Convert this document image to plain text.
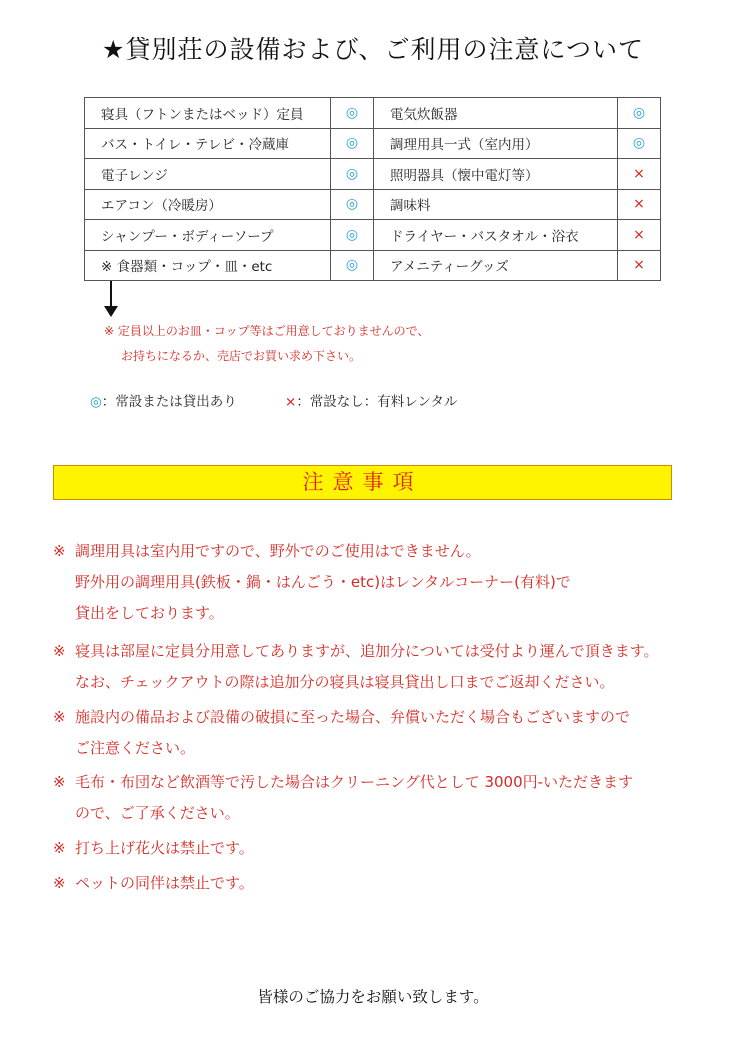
★貸別荘の設備および、ご利用の注意について
寝具（フトンまたはベッド）定員	◎	電気炊飯器	◎
バス・トイレ・テレビ・冷蔵庫	◎	調理用具一式（室内用）	◎
電子レンジ	◎	照明器具（懐中電灯等）	×
エアコン（冷暖房）	◎	調味料	×
シャンプー・ボディーソープ	◎	ドライヤー・バスタオル・浴衣	×
※ 食器類・コップ・皿・etc	◎	アメニティーグッズ	×
※ 定員以上のお皿・コップ等はご用意しておりませんので、
お持ちになるか、売店でお買い求め下さい。
◎：常設または貸出あり	×：常設なし：有料レンタル
注意事項
※ 調理用具は室内用ですので、野外でのご使用はできません。
野外用の調理用具(鉄板・鍋・はんごう・etc)はレンタルコーナー(有料)で
貸出をしております。
※ 寝具は部屋に定員分用意してありますが、追加分については受付より運んで頂きます。
なお、チェックアウトの際は追加分の寝具は寝具貸出し口までご返却ください。
※ 施設内の備品および設備の破損に至った場合、弁償いただく場合もございますので
ご注意ください。
※ 毛布・布団など飲酒等で汚した場合はクリーニング代として 3000円-いただきます
ので、ご了承ください。
※ 打ち上げ花火は禁止です。
※ ペットの同伴は禁止です。
皆様のご協力をお願い致します。
